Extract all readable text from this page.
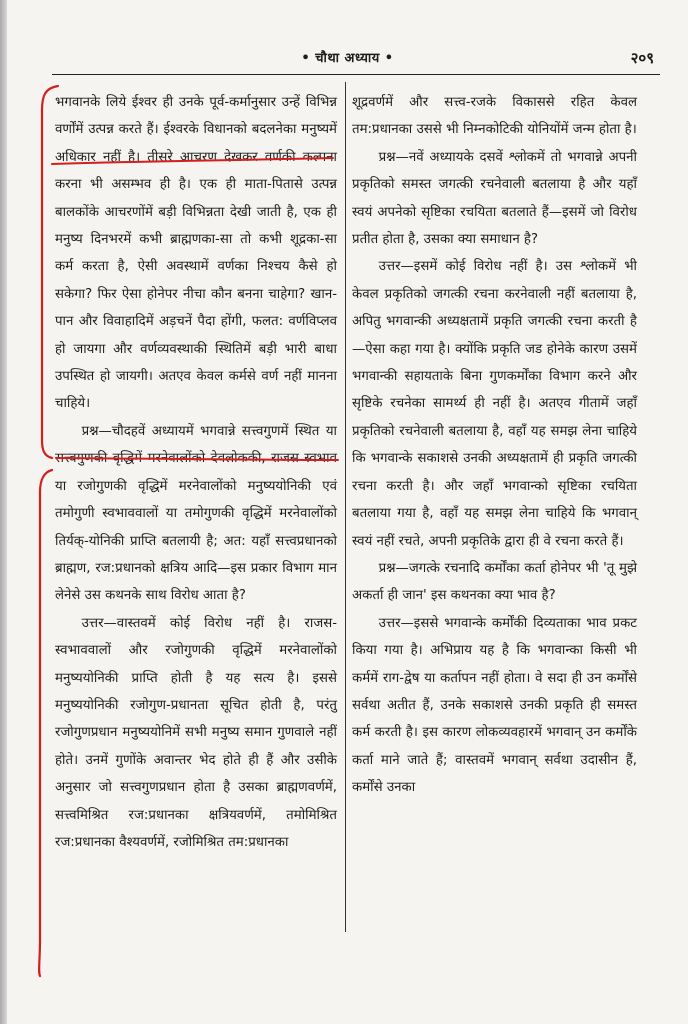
• चौथा अध्याय •	२०९

भगवानके लिये ईश्वर ही उनके पूर्व-कर्मानुसार उन्हें विभिन्न वर्णोंमें उत्पन्न करते हैं। ईश्वरके विधानको बदलनेका मनुष्यमें अधिकार नहीं है। तीसरे आचरण देखकर वर्णकी कल्पना करना भी असम्भव ही है। एक ही माता-पितासे उत्पन्न बालकोंके आचरणोंमें बड़ी विभिन्नता देखी जाती है, एक ही मनुष्य दिनभरमें कभी ब्राह्मणका-सा तो कभी शूद्रका-सा कर्म करता है, ऐसी अवस्थामें वर्णका निश्चय कैसे हो सकेगा? फिर ऐसा होनेपर नीचा कौन बनना चाहेगा? खान-पान और विवाहादिमें अड़चनें पैदा होंगी, फलत: वर्णविप्लव हो जायगा और वर्णव्यवस्थाकी स्थितिमें बड़ी भारी बाधा उपस्थित हो जायगी। अतएव केवल कर्मसे वर्ण नहीं मानना चाहिये।

प्रश्न—चौदहवें अध्यायमें भगवान्ने सत्त्वगुणमें स्थित या सत्त्वगुणकी वृद्धिमें मरनेवालोंको देवलोककी, राजस स्वभाव या रजोगुणकी वृद्धिमें मरनेवालोंको मनुष्ययोनिकी एवं तमोगुणी स्वभाववालों या तमोगुणकी वृद्धिमें मरनेवालोंको तिर्यक्-योनिकी प्राप्ति बतलायी है; अत: यहाँ सत्त्वप्रधानको ब्राह्मण, रज:प्रधानको क्षत्रिय आदि—इस प्रकार विभाग मान लेनेसे उस कथनके साथ विरोध आता है?

उत्तर—वास्तवमें कोई विरोध नहीं है। राजस-स्वभाववालों और रजोगुणकी वृद्धिमें मरनेवालोंको मनुष्ययोनिकी प्राप्ति होती है यह सत्य है। इससे मनुष्ययोनिकी रजोगुण-प्रधानता सूचित होती है, परंतु रजोगुणप्रधान मनुष्ययोनिमें सभी मनुष्य समान गुणवाले नहीं होते। उनमें गुणोंके अवान्तर भेद होते ही हैं और उसीके अनुसार जो सत्त्वगुणप्रधान होता है उसका ब्राह्मणवर्णमें, सत्त्वमिश्रित रज:प्रधानका क्षत्रियवर्णमें, तमोमिश्रित रज:प्रधानका वैश्यवर्णमें, रजोमिश्रित तम:प्रधानका

शूद्रवर्णमें और सत्त्व-रजके विकाससे रहित केवल तम:प्रधानका उससे भी निम्नकोटिकी योनियोंमें जन्म होता है।

प्रश्न—नवें अध्यायके दसवें श्लोकमें तो भगवान्ने अपनी प्रकृतिको समस्त जगत्की रचनेवाली बतलाया है और यहाँ स्वयं अपनेको सृष्टिका रचयिता बतलाते हैं—इसमें जो विरोध प्रतीत होता है, उसका क्या समाधान है?

उत्तर—इसमें कोई विरोध नहीं है। उस श्लोकमें भी केवल प्रकृतिको जगत्की रचना करनेवाली नहीं बतलाया है, अपितु भगवान्की अध्यक्षतामें प्रकृति जगत्की रचना करती है—ऐसा कहा गया है। क्योंकि प्रकृति जड होनेके कारण उसमें भगवान्की सहायताके बिना गुणकर्मोंका विभाग करने और सृष्टिके रचनेका सामर्थ्य ही नहीं है। अतएव गीतामें जहाँ प्रकृतिको रचनेवाली बतलाया है, वहाँ यह समझ लेना चाहिये कि भगवान्के सकाशसे उनकी अध्यक्षतामें ही प्रकृति जगत्की रचना करती है। और जहाँ भगवान्को सृष्टिका रचयिता बतलाया गया है, वहाँ यह समझ लेना चाहिये कि भगवान् स्वयं नहीं रचते, अपनी प्रकृतिके द्वारा ही वे रचना करते हैं।

प्रश्न—जगत्के रचनादि कर्मोंका कर्ता होनेपर भी 'तू मुझे अकर्ता ही जान' इस कथनका क्या भाव है?

उत्तर—इससे भगवान्के कर्मोंकी दिव्यताका भाव प्रकट किया गया है। अभिप्राय यह है कि भगवान्का किसी भी कर्ममें राग-द्वेष या कर्तापन नहीं होता। वे सदा ही उन कर्मोंसे सर्वथा अतीत हैं, उनके सकाशसे उनकी प्रकृति ही समस्त कर्म करती है। इस कारण लोकव्यवहारमें भगवान् उन कर्मोंके कर्ता माने जाते हैं; वास्तवमें भगवान् सर्वथा उदासीन हैं, कर्मोंसे उनका
